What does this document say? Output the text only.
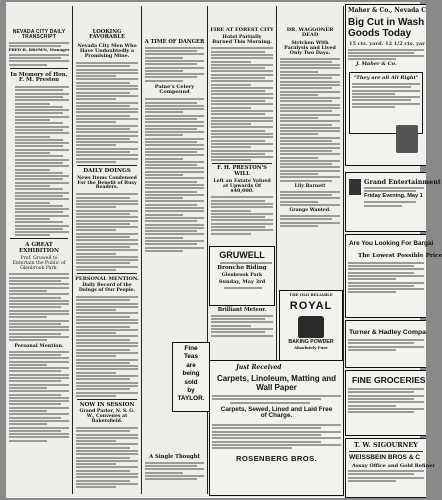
NEVADA CITY DAILY TRANSCRIPT
FRED R. BROWN, Manager
In Memory of Hon. F. M. Preston
A GREAT EXHIBITION
Prof. Gruwell to Entertain the Public of Glenbrook Park.
Personal Mention.
LOOKING FAVORABLE
Nevada City Men Who Have Undoubtedly a Promising Mine.
DAILY DOINGS
News Items Condensed For the Benefit of Busy Readers.
PERSONAL MENTION.
Daily Record of the Doings of Our People.
NOW IN SESSION
Grand Parlor, N. S. G. W., Convenes at Bakersfield.
A TIME OF DANGER
Paine's Celery Compound
Fine
Teas
are
being
sold
by
TAYLOR.
A Single Thought
FIRE AT FOREST CITY
Hotel Partially Burned This Morning.
F. H. PRESTON'S WILL
Left an Estate Valued at Upwards Of $40,000.
GRUWELL
Broncho Riding
Glenbrook Park
Sunday, May 3rd
Brilliant Meteor.
DR. WAGGONER DEAD
Stricken With Paralysis and Lived Only Two Days.
Lily Barnett
Grange Wanted.
THE OLD RELIABLE
ROYAL
BAKING POWDER
Absolutely Pure
Just Received
Carpets, Linoleum, Matting and Wall Paper
Carpets, Sewed, Lined and Laid Free of Charge.
ROSENBERG BROS.
Maher & Co., Nevada C
Big Cut in Wash Goods Today
15 cts. yard. 12 1/2 cts. yar
J. Maher & Co.
"They are all All Right"
Grand Entertainment
Friday Evening, May 1
Are You Looking For Bargai
The Lowest Possible Price
Turner & Hadley Compa
FINE GROCERIES
T. W. SIGOURNEY
WEISSBEIN BROS & C
Assay Office and Gold Refiner
